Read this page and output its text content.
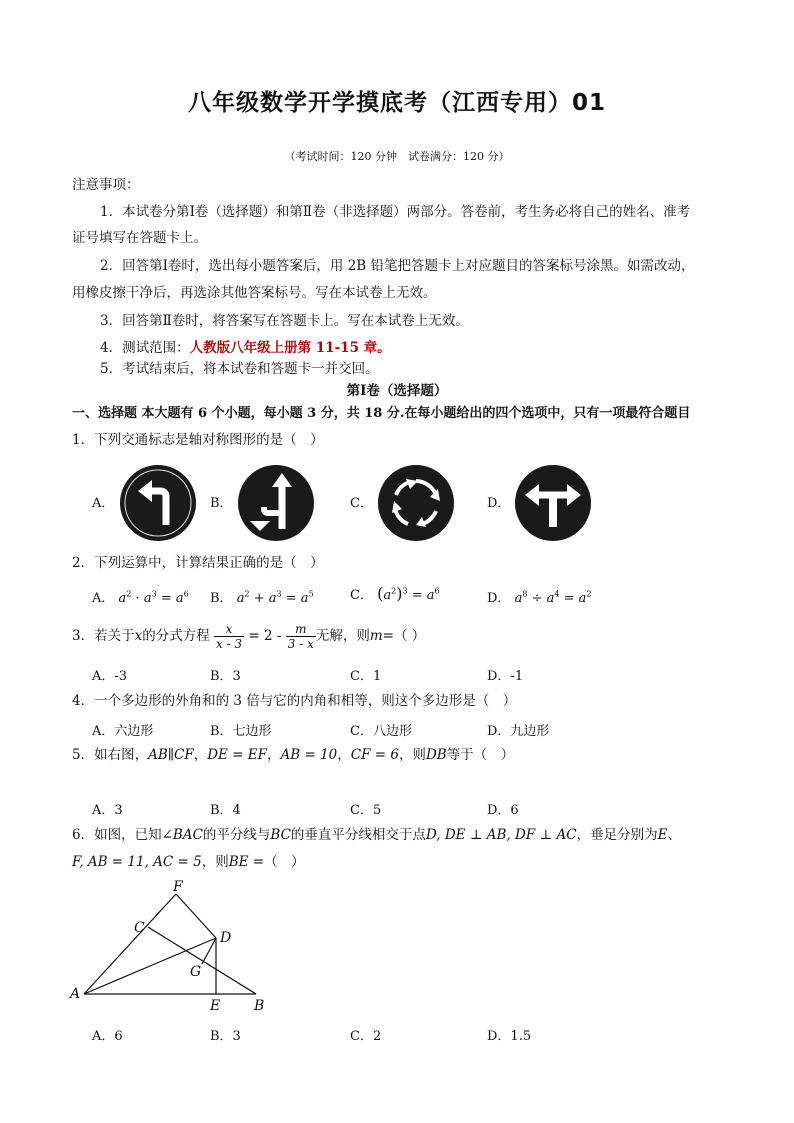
八年级数学开学摸底考（江西专用）01
（考试时间：120 分钟　试卷满分：120 分）
注意事项：
1．本试卷分第Ⅰ卷（选择题）和第Ⅱ卷（非选择题）两部分。答卷前，考生务必将自己的姓名、准考
证号填写在答题卡上。
2．回答第Ⅰ卷时，选出每小题答案后，用 2B 铅笔把答题卡上对应题目的答案标号涂黑。如需改动，
用橡皮擦干净后，再选涂其他答案标号。写在本试卷上无效。
3．回答第Ⅱ卷时，将答案写在答题卡上。写在本试卷上无效。
4．测试范围：人教版八年级上册第 11-15 章。
5．考试结束后，将本试卷和答题卡一并交回。
第Ⅰ卷（选择题）
一、选择题 本大题有 6 个小题，每小题 3 分，共 18 分.在每小题给出的四个选项中，只有一项最符合题目
1．下列交通标志是轴对称图形的是（　）
A．	B．	C．	D．
2．下列运算中，计算结果正确的是（　）
A． $a^2 \cdot a^3 = a^6$ B． $a^2 + a^3 = a^5$	C． $(a^2)^3 = a^6$	D． $a^8 \div a^4 = a^2$
3．若关于x的分式方程 $\frac{x}{x - 3} = 2 - \frac{m}{3 - x}$ 无解，则m=（ ）
A．-3	B．3	C．1	D．-1
4．一个多边形的外角和的 3 倍与它的内角和相等，则这个多边形是（　）
A．六边形	B．七边形	C．八边形	D．九边形
5．如右图，AB∥CF，DE = EF，AB = 10，CF = 6，则DB等于（　）
A．3	B．4	C．5	D．6
6．如图，已知∠BAC的平分线与BC的垂直平分线相交于点D, DE ⊥ AB, DF ⊥ AC，垂足分别为E、
F, AB = 11, AC = 5，则BE =（　）
A
B
C
D
E
F
G
A．6	B．3	C．2	D．1.5
